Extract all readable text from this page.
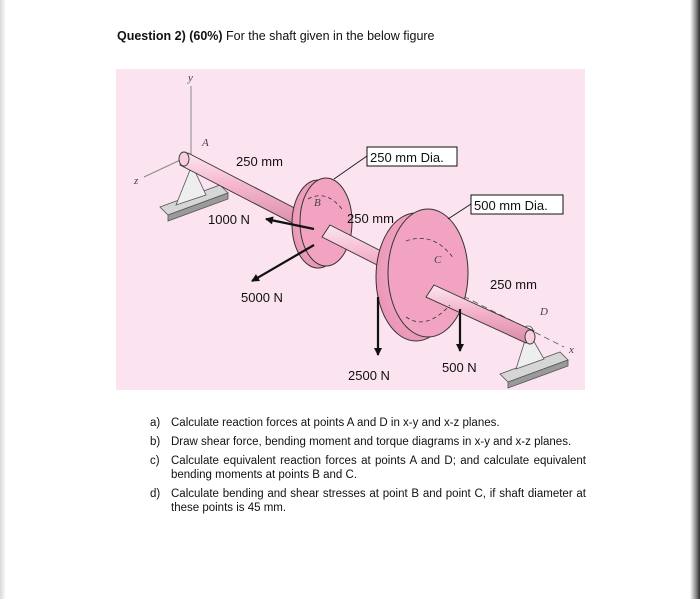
Question 2) (60%) For the shaft given in the below figure
y
z
x
A
B
C
D
250 mm
250 mm
250 mm
250 mm Dia.
500 mm Dia.
1000 N
5000 N
2500 N
500 N
a) Calculate reaction forces at points A and D in x-y and x-z planes.
b) Draw shear force, bending moment and torque diagrams in x-y and x-z planes.
c) Calculate equivalent reaction forces at points A and D; and calculate equivalent bending moments at points B and C.
d) Calculate bending and shear stresses at point B and point C, if shaft diameter at these points is 45 mm.
